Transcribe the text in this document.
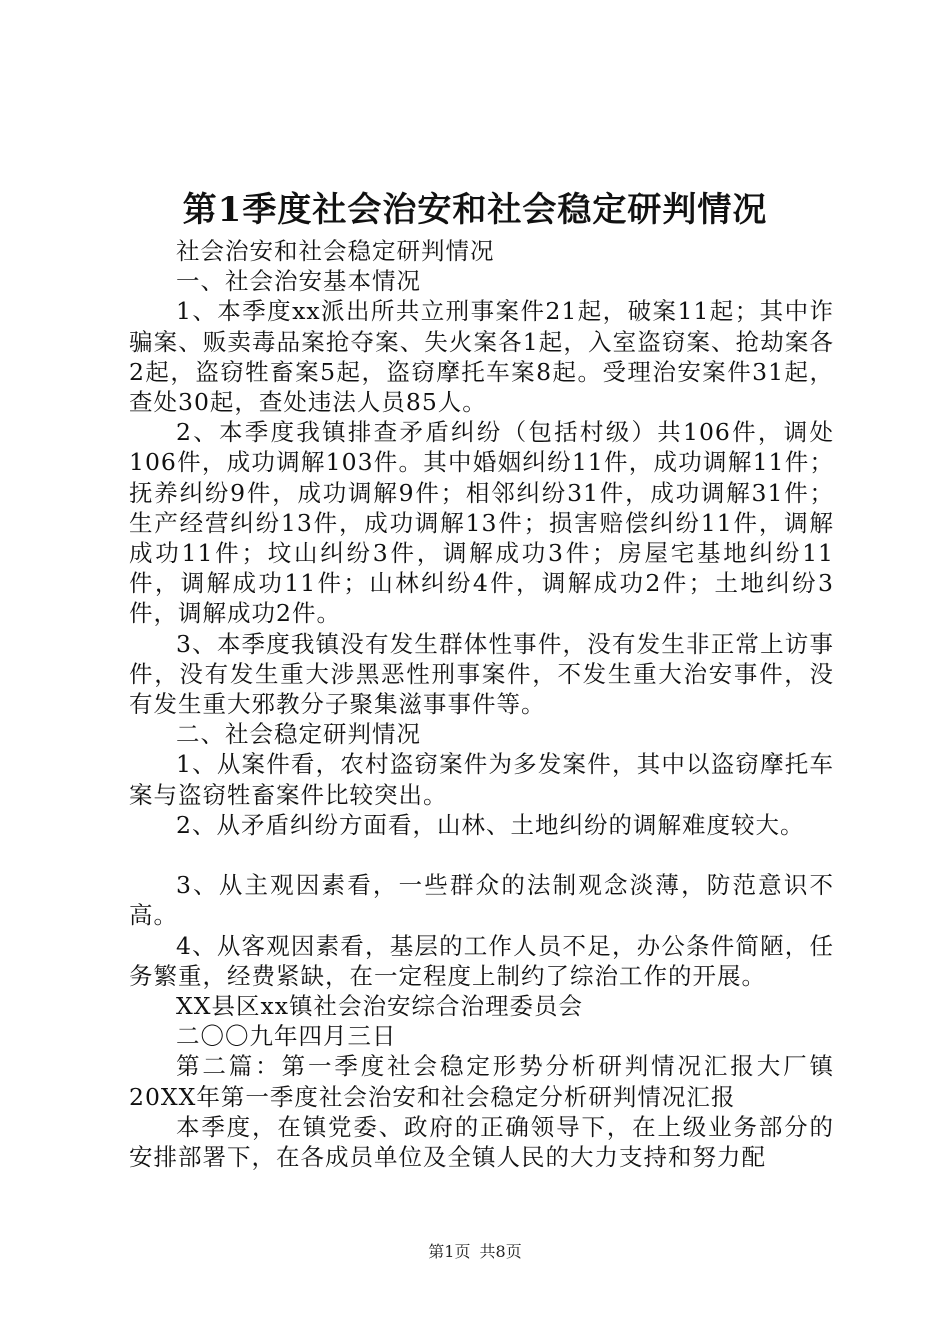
第1季度社会治安和社会稳定研判情况

社会治安和社会稳定研判情况

一、社会治安基本情况

1、本季度xx派出所共立刑事案件21起，破案11起；其中诈骗案、贩卖毒品案抢夺案、失火案各1起，入室盗窃案、抢劫案各2起，盗窃牲畜案5起，盗窃摩托车案8起。受理治安案件31起，查处30起，查处违法人员85人。

2、本季度我镇排查矛盾纠纷（包括村级）共106件，调处106件，成功调解103件。其中婚姻纠纷11件，成功调解11件；抚养纠纷9件，成功调解9件；相邻纠纷31件，成功调解31件；生产经营纠纷13件，成功调解13件；损害赔偿纠纷11件，调解成功11件；坟山纠纷3件，调解成功3件；房屋宅基地纠纷11件，调解成功11件；山林纠纷4件，调解成功2件；土地纠纷3件，调解成功2件。

3、本季度我镇没有发生群体性事件，没有发生非正常上访事件，没有发生重大涉黑恶性刑事案件，不发生重大治安事件，没有发生重大邪教分子聚集滋事事件等。

二、社会稳定研判情况

1、从案件看，农村盗窃案件为多发案件，其中以盗窃摩托车案与盗窃牲畜案件比较突出。

2、从矛盾纠纷方面看，山林、土地纠纷的调解难度较大。

3、从主观因素看，一些群众的法制观念淡薄，防范意识不高。

4、从客观因素看，基层的工作人员不足，办公条件简陋，任务繁重，经费紧缺，在一定程度上制约了综治工作的开展。

XX县区xx镇社会治安综合治理委员会

二〇〇九年四月三日

第二篇：第一季度社会稳定形势分析研判情况汇报大厂镇20XX年第一季度社会治安和社会稳定分析研判情况汇报

本季度，在镇党委、政府的正确领导下，在上级业务部分的安排部署下，在各成员单位及全镇人民的大力支持和努力配

第1页 共8页
